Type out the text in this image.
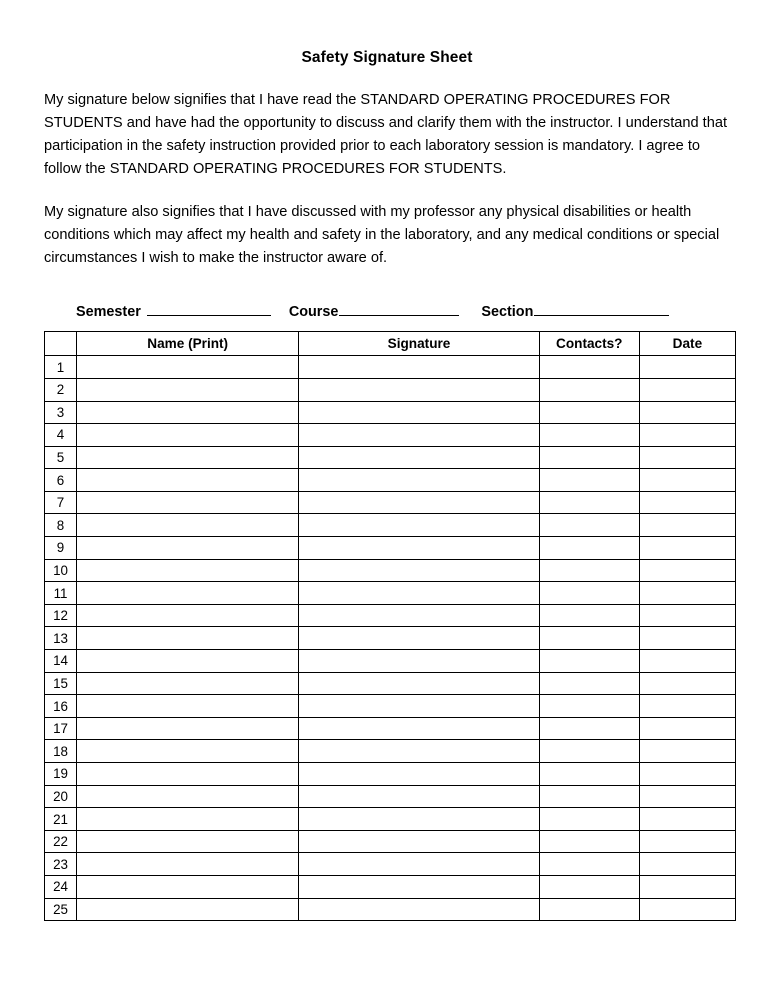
Safety Signature Sheet

My signature below signifies that I have read the STANDARD OPERATING PROCEDURES FOR STUDENTS and have had the opportunity to discuss and clarify them with the instructor. I understand that participation in the safety instruction provided prior to each laboratory session is mandatory. I agree to follow the STANDARD OPERATING PROCEDURES FOR STUDENTS.

My signature also signifies that I have discussed with my professor any physical disabilities or health conditions which may affect my health and safety in the laboratory, and any medical conditions or special circumstances I wish to make the instructor aware of.

Semester	Course	Section
	Name (Print)	Signature	Contacts?	Date
1				
2				
3				
4				
5				
6				
7				
8				
9				
10				
11				
12				
13				
14				
15				
16				
17				
18				
19				
20				
21				
22				
23				
24				
25				
